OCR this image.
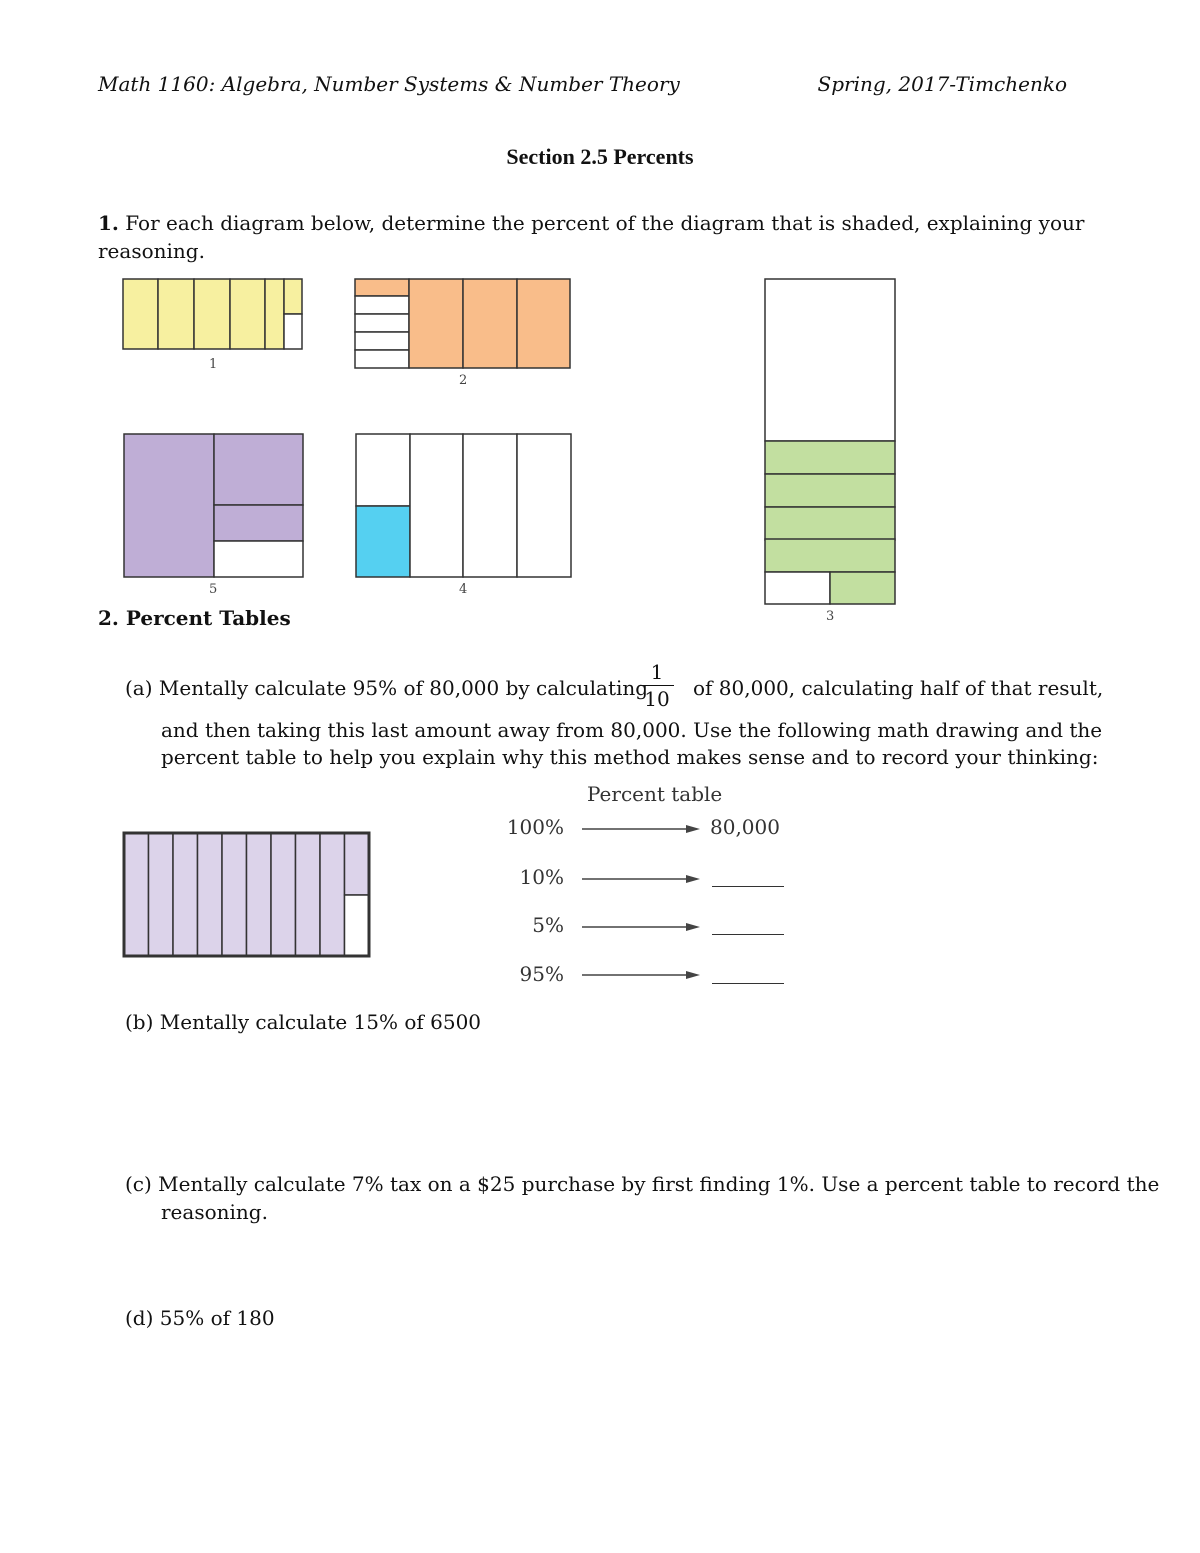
Math 1160: Algebra, Number Systems & Number Theory	Spring, 2017-Timchenko
Section 2.5 Percents
1. For each diagram below, determine the percent of the diagram that is shaded, explaining your reasoning.
1
2
3
4
5
2. Percent Tables
(a) Mentally calculate 95% of 80,000 by calculating
1
10 of 80,000, calculating half of that result,
and then taking this last amount away from 80,000. Use the following math drawing and the
percent table to help you explain why this method makes sense and to record your thinking:
Percent table
100%	80,000
10%
5%
95%
(b) Mentally calculate 15% of 6500
(c) Mentally calculate 7% tax on a $25 purchase by first finding 1%. Use a percent table to record the
reasoning.
(d) 55% of 180
